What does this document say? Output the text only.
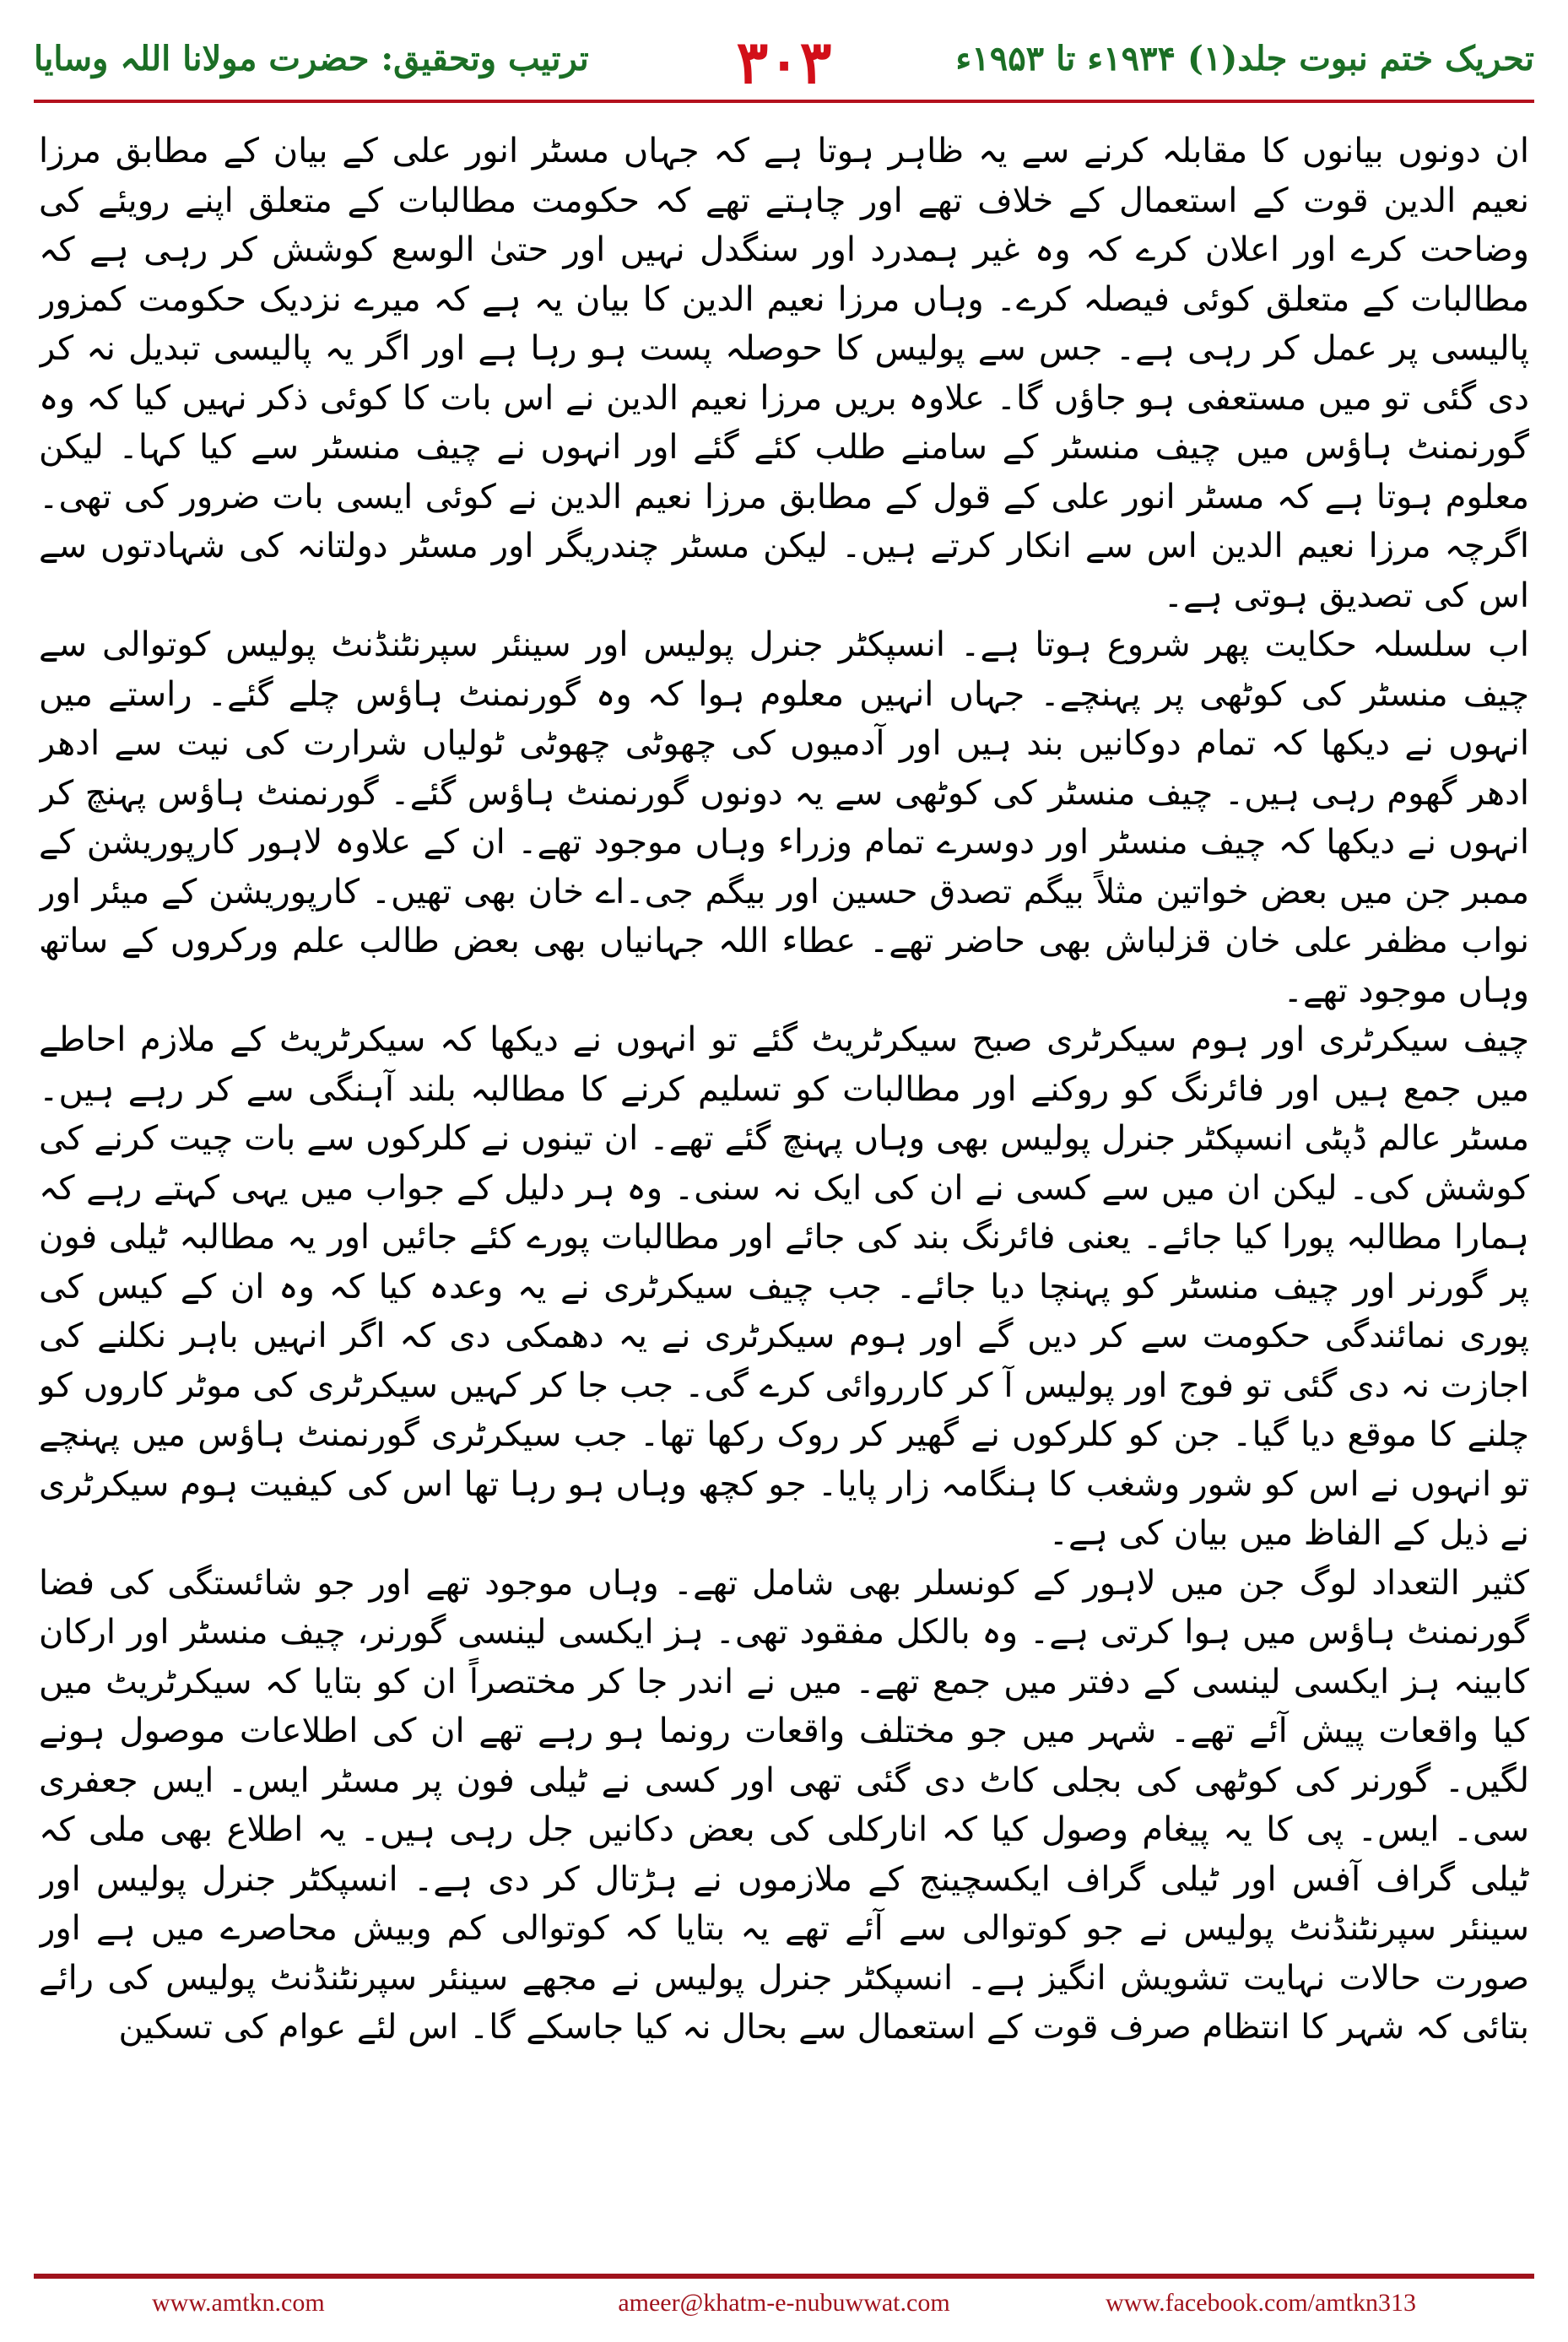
تحریک ختم نبوت جلد(۱) ۱۹۳۴ء تا ۱۹۵۳ء
۳۰۳
ترتیب وتحقیق: حضرت مولانا اللہ وسایا

ان دونوں بیانوں کا مقابلہ کرنے سے یہ ظاہر ہوتا ہے کہ جہاں مسٹر انور علی کے بیان کے مطابق مرزا نعیم الدین قوت کے استعمال کے خلاف تھے اور چاہتے تھے کہ حکومت مطالبات کے متعلق اپنے رویئے کی وضاحت کرے اور اعلان کرے کہ وہ غیر ہمدرد اور سنگدل نہیں اور حتیٰ الوسع کوشش کر رہی ہے کہ مطالبات کے متعلق کوئی فیصلہ کرے۔ وہاں مرزا نعیم الدین کا بیان یہ ہے کہ میرے نزدیک حکومت کمزور پالیسی پر عمل کر رہی ہے۔ جس سے پولیس کا حوصلہ پست ہو رہا ہے اور اگر یہ پالیسی تبدیل نہ کر دی گئی تو میں مستعفی ہو جاؤں گا۔ علاوہ بریں مرزا نعیم الدین نے اس بات کا کوئی ذکر نہیں کیا کہ وہ گورنمنٹ ہاؤس میں چیف منسٹر کے سامنے طلب کئے گئے اور انہوں نے چیف منسٹر سے کیا کہا۔ لیکن معلوم ہوتا ہے کہ مسٹر انور علی کے قول کے مطابق مرزا نعیم الدین نے کوئی ایسی بات ضرور کی تھی۔ اگرچہ مرزا نعیم الدین اس سے انکار کرتے ہیں۔ لیکن مسٹر چندریگر اور مسٹر دولتانہ کی شہادتوں سے اس کی تصدیق ہوتی ہے۔

اب سلسلہ حکایت پھر شروع ہوتا ہے۔ انسپکٹر جنرل پولیس اور سینئر سپرنٹنڈنٹ پولیس کوتوالی سے چیف منسٹر کی کوٹھی پر پہنچے۔ جہاں انہیں معلوم ہوا کہ وہ گورنمنٹ ہاؤس چلے گئے۔ راستے میں انہوں نے دیکھا کہ تمام دوکانیں بند ہیں اور آدمیوں کی چھوٹی چھوٹی ٹولیاں شرارت کی نیت سے ادھر ادھر گھوم رہی ہیں۔ چیف منسٹر کی کوٹھی سے یہ دونوں گورنمنٹ ہاؤس گئے۔ گورنمنٹ ہاؤس پہنچ کر انہوں نے دیکھا کہ چیف منسٹر اور دوسرے تمام وزراء وہاں موجود تھے۔ ان کے علاوہ لاہور کارپوریشن کے ممبر جن میں بعض خواتین مثلاً بیگم تصدق حسین اور بیگم جی۔اے خان بھی تھیں۔ کارپوریشن کے میئر اور نواب مظفر علی خان قزلباش بھی حاضر تھے۔ عطاء اللہ جہانیاں بھی بعض طالب علم ورکروں کے ساتھ وہاں موجود تھے۔

چیف سیکرٹری اور ہوم سیکرٹری صبح سیکرٹریٹ گئے تو انہوں نے دیکھا کہ سیکرٹریٹ کے ملازم احاطے میں جمع ہیں اور فائرنگ کو روکنے اور مطالبات کو تسلیم کرنے کا مطالبہ بلند آہنگی سے کر رہے ہیں۔ مسٹر عالم ڈپٹی انسپکٹر جنرل پولیس بھی وہاں پہنچ گئے تھے۔ ان تینوں نے کلرکوں سے بات چیت کرنے کی کوشش کی۔ لیکن ان میں سے کسی نے ان کی ایک نہ سنی۔ وہ ہر دلیل کے جواب میں یہی کہتے رہے کہ ہمارا مطالبہ پورا کیا جائے۔ یعنی فائرنگ بند کی جائے اور مطالبات پورے کئے جائیں اور یہ مطالبہ ٹیلی فون پر گورنر اور چیف منسٹر کو پہنچا دیا جائے۔ جب چیف سیکرٹری نے یہ وعدہ کیا کہ وہ ان کے کیس کی پوری نمائندگی حکومت سے کر دیں گے اور ہوم سیکرٹری نے یہ دھمکی دی کہ اگر انہیں باہر نکلنے کی اجازت نہ دی گئی تو فوج اور پولیس آ کر کارروائی کرے گی۔ جب جا کر کہیں سیکرٹری کی موٹر کاروں کو چلنے کا موقع دیا گیا۔ جن کو کلرکوں نے گھیر کر روک رکھا تھا۔ جب سیکرٹری گورنمنٹ ہاؤس میں پہنچے تو انہوں نے اس کو شور وشغب کا ہنگامہ زار پایا۔ جو کچھ وہاں ہو رہا تھا اس کی کیفیت ہوم سیکرٹری نے ذیل کے الفاظ میں بیان کی ہے۔

کثیر التعداد لوگ جن میں لاہور کے کونسلر بھی شامل تھے۔ وہاں موجود تھے اور جو شائستگی کی فضا گورنمنٹ ہاؤس میں ہوا کرتی ہے۔ وہ بالکل مفقود تھی۔ ہز ایکسی لینسی گورنر، چیف منسٹر اور ارکان کابینہ ہز ایکسی لینسی کے دفتر میں جمع تھے۔ میں نے اندر جا کر مختصراً ان کو بتایا کہ سیکرٹریٹ میں کیا واقعات پیش آئے تھے۔ شہر میں جو مختلف واقعات رونما ہو رہے تھے ان کی اطلاعات موصول ہونے لگیں۔ گورنر کی کوٹھی کی بجلی کاٹ دی گئی تھی اور کسی نے ٹیلی فون پر مسٹر ایس۔ ایس جعفری سی۔ ایس۔ پی کا یہ پیغام وصول کیا کہ انارکلی کی بعض دکانیں جل رہی ہیں۔ یہ اطلاع بھی ملی کہ ٹیلی گراف آفس اور ٹیلی گراف ایکسچینج کے ملازموں نے ہڑتال کر دی ہے۔ انسپکٹر جنرل پولیس اور سینئر سپرنٹنڈنٹ پولیس نے جو کوتوالی سے آئے تھے یہ بتایا کہ کوتوالی کم وبیش محاصرے میں ہے اور صورت حالات نہایت تشویش انگیز ہے۔ انسپکٹر جنرل پولیس نے مجھے سینئر سپرنٹنڈنٹ پولیس کی رائے بتائی کہ شہر کا انتظام صرف قوت کے استعمال سے بحال نہ کیا جاسکے گا۔ اس لئے عوام کی تسکین

www.amtkn.com	ameer@khatm-e-nubuwwat.com	www.facebook.com/amtkn313
